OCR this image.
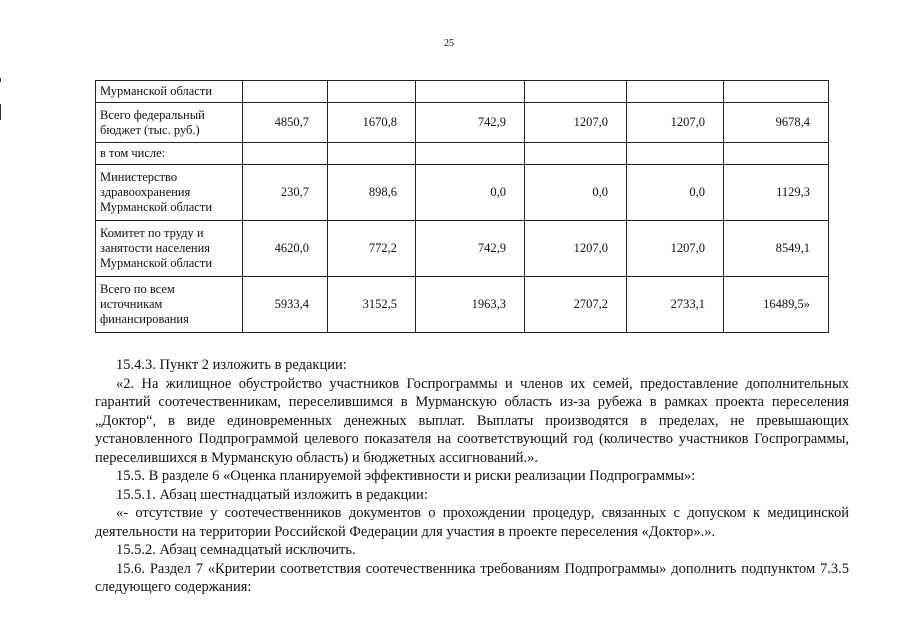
25
Мурманской области						
Всего федеральный бюджет (тыс. руб.)	4850,7	1670,8	742,9	1207,0	1207,0	9678,4
в том числе:						
Министерство здравоохранения Мурманской области	230,7	898,6	0,0	0,0	0,0	1129,3
Комитет по труду и занятости населения Мурманской области	4620,0	772,2	742,9	1207,0	1207,0	8549,1
Всего по всем источникам финансирования	5933,4	3152,5	1963,3	2707,2	2733,1	16489,5»

15.4.3. Пункт 2 изложить в редакции:

«2. На жилищное обустройство участников Госпрограммы и членов их семей, предоставление дополнительных гарантий соотечественникам, переселившимся в Мурманскую область из-за рубежа в рамках проекта переселения „Доктор“, в виде единовременных денежных выплат. Выплаты производятся в пределах, не превышающих установленного Подпрограммой целевого показателя на соответствующий год (количество участников Госпрограммы, переселившихся в Мурманскую область) и бюджетных ассигнований.».

15.5. В разделе 6 «Оценка планируемой эффективности и риски реализации Подпрограммы»:

15.5.1. Абзац шестнадцатый изложить в редакции:

«- отсутствие у соотечественников документов о прохождении процедур, связанных с допуском к медицинской деятельности на территории Российской Федерации для участия в проекте переселения «Доктор».».

15.5.2. Абзац семнадцатый исключить.

15.6. Раздел 7 «Критерии соответствия соотечественника требованиям Подпрограммы» дополнить подпунктом 7.3.5 следующего содержания:
